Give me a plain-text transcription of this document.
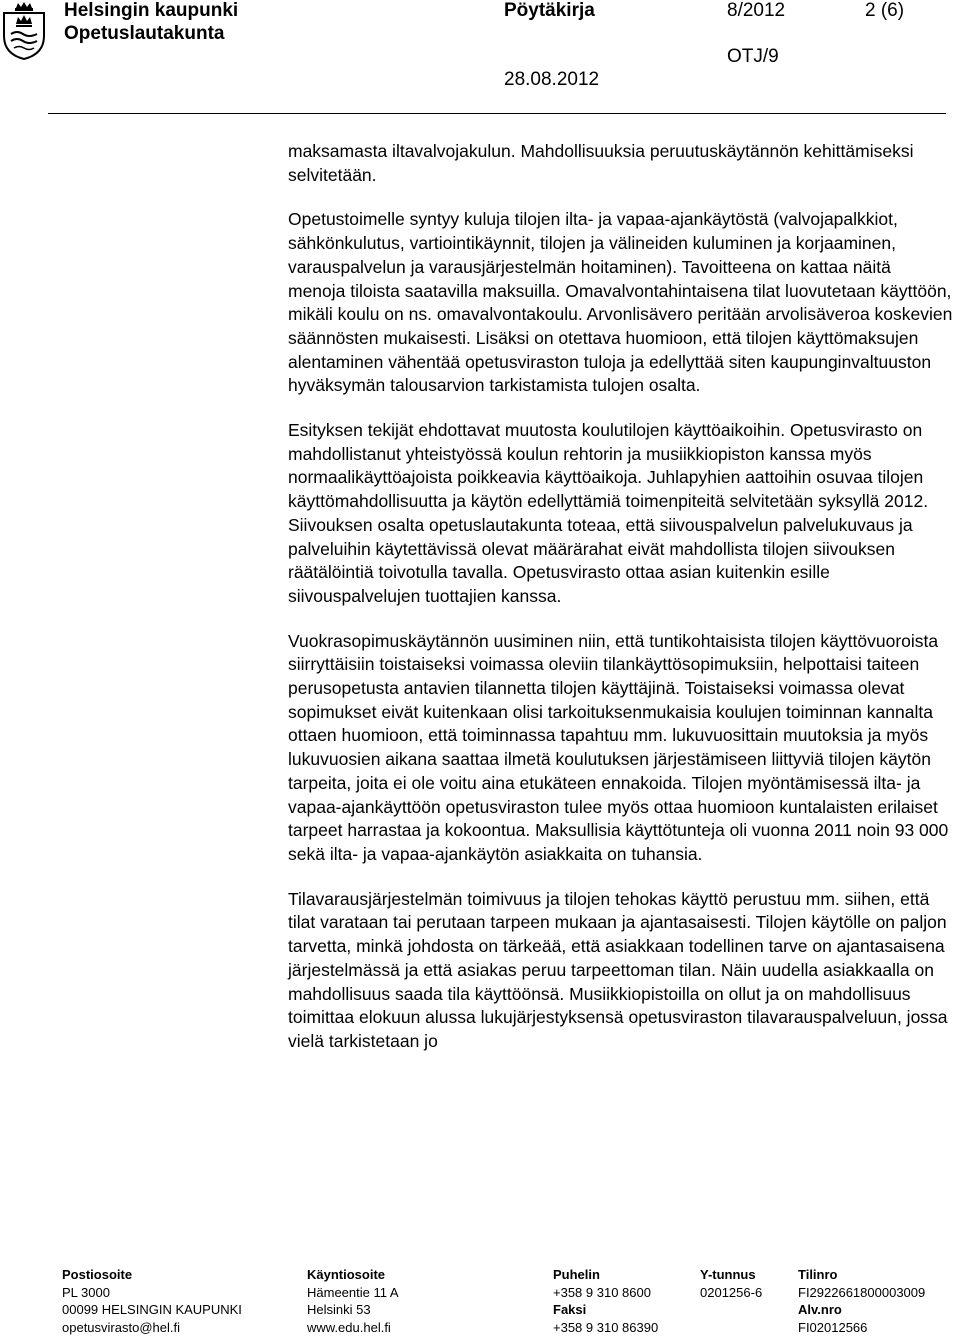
Helsingin kaupunki
Opetuslautakunta
Pöytäkirja	8/2012	2 (6)
OTJ/9
28.08.2012

maksamasta iltavalvojakulun. Mahdollisuuksia peruutuskäytännön kehittämiseksi selvitetään.

Opetustoimelle syntyy kuluja tilojen ilta- ja vapaa-ajankäytöstä (valvojapalkkiot, sähkönkulutus, vartiointikäynnit, tilojen ja välineiden kuluminen ja korjaaminen, varauspalvelun ja varausjärjestelmän hoitaminen). Tavoitteena on kattaa näitä menoja tiloista saatavilla maksuilla. Omavalvontahintaisena tilat luovutetaan käyttöön, mikäli koulu on ns. omavalvontakoulu. Arvonlisävero peritään arvolisäveroa koskevien säännösten mukaisesti. Lisäksi on otettava huomioon, että tilojen käyttömaksujen alentaminen vähentää opetusviraston tuloja ja edellyttää siten kaupunginvaltuuston hyväksymän talousarvion tarkistamista tulojen osalta.

Esityksen tekijät ehdottavat muutosta koulutilojen käyttöaikoihin. Opetusvirasto on mahdollistanut yhteistyössä koulun rehtorin ja musiikkiopiston kanssa myös normaalikäyttöajoista poikkeavia käyttöaikoja. Juhlapyhien aattoihin osuvaa tilojen käyttömahdollisuutta ja käytön edellyttämiä toimenpiteitä selvitetään syksyllä 2012. Siivouksen osalta opetuslautakunta toteaa, että siivouspalvelun palvelukuvaus ja palveluihin käytettävissä olevat määrärahat eivät mahdollista tilojen siivouksen räätälöintiä toivotulla tavalla. Opetusvirasto ottaa asian kuitenkin esille siivouspalvelujen tuottajien kanssa.

Vuokrasopimuskäytännön uusiminen niin, että tuntikohtaisista tilojen käyttövuoroista siirryttäisiin toistaiseksi voimassa oleviin tilankäyttösopimuksiin, helpottaisi taiteen perusopetusta antavien tilannetta tilojen käyttäjinä. Toistaiseksi voimassa olevat sopimukset eivät kuitenkaan olisi tarkoituksenmukaisia koulujen toiminnan kannalta ottaen huomioon, että toiminnassa tapahtuu mm. lukuvuosittain muutoksia ja myös lukuvuosien aikana saattaa ilmetä koulutuksen järjestämiseen liittyviä tilojen käytön tarpeita, joita ei ole voitu aina etukäteen ennakoida. Tilojen myöntämisessä ilta- ja vapaa-ajankäyttöön opetusviraston tulee myös ottaa huomioon kuntalaisten erilaiset tarpeet harrastaa ja kokoontua. Maksullisia käyttötunteja oli vuonna 2011 noin 93 000 sekä ilta- ja vapaa-ajankäytön asiakkaita on tuhansia.

Tilavarausjärjestelmän toimivuus ja tilojen tehokas käyttö perustuu mm. siihen, että tilat varataan tai perutaan tarpeen mukaan ja ajantasaisesti. Tilojen käytölle on paljon tarvetta, minkä johdosta on tärkeää, että asiakkaan todellinen tarve on ajantasaisena järjestelmässä ja että asiakas peruu tarpeettoman tilan. Näin uudella asiakkaalla on mahdollisuus saada tila käyttöönsä. Musiikkiopistoilla on ollut ja on mahdollisuus toimittaa elokuun alussa lukujärjestyksensä opetusviraston tilavarauspalveluun, jossa vielä tarkistetaan jo

Postiosoite
PL 3000
00099 HELSINGIN KAUPUNKI
opetusvirasto@hel.fi
Käyntiosoite
Hämeentie 11 A
Helsinki 53
www.edu.hel.fi
Puhelin
+358 9 310 8600
Faksi
+358 9 310 86390
Y-tunnus
0201256-6
Tilinro
FI2922661800003009
Alv.nro
FI02012566
